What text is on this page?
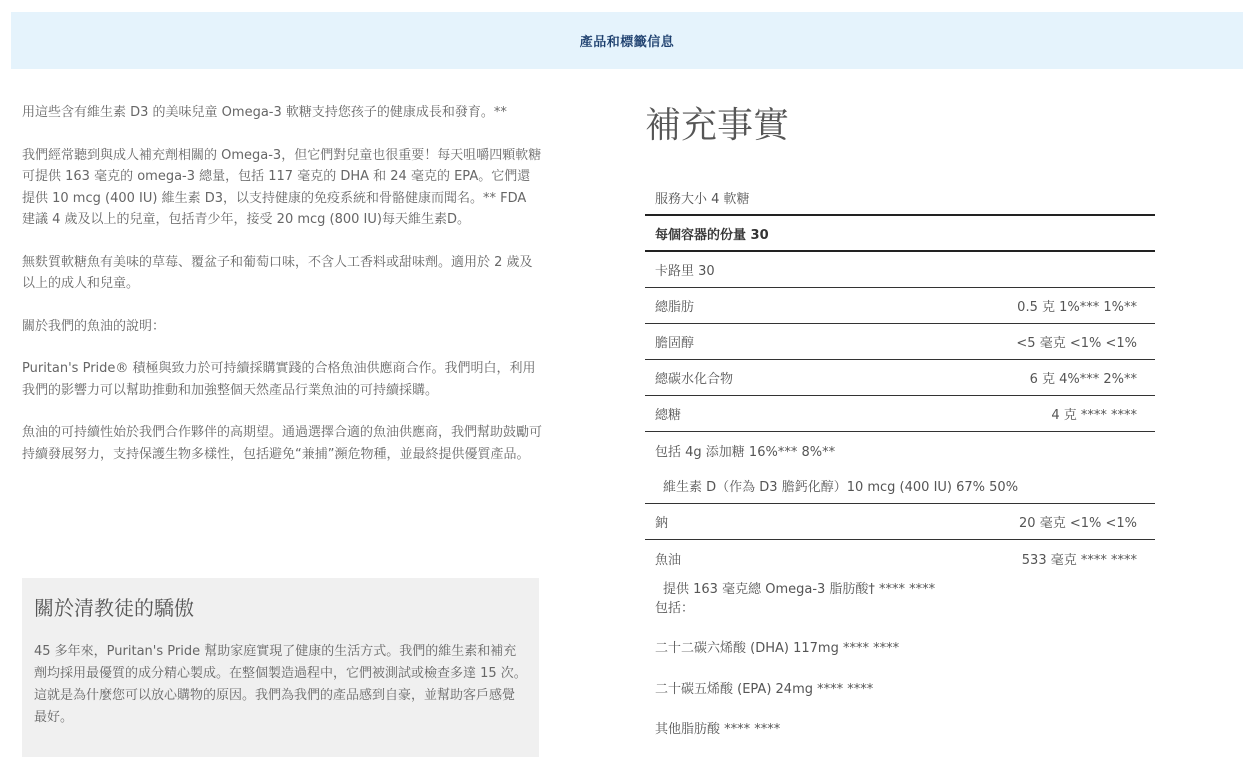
產品和標籤信息

用這些含有維生素 D3 的美味兒童 Omega-3 軟糖支持您孩子的健康成長和發育。**

我們經常聽到與成人補充劑相關的 Omega-3，但它們對兒童也很重要！每天咀嚼四顆軟糖可提供 163 毫克的 omega-3 總量，包括 117 毫克的 DHA 和 24 毫克的 EPA。它們還提供 10 mcg (400 IU) 維生素 D3，以支持健康的免疫系統和骨骼健康而聞名。** FDA 建議 4 歲及以上的兒童，包括青少年，接受 20 mcg (800 IU)每天維生素D。

無麩質軟糖魚有美味的草莓、覆盆子和葡萄口味，不含人工香料或甜味劑。適用於 2 歲及以上的成人和兒童。

關於我們的魚油的說明：

Puritan's Pride® 積極與致力於可持續採購實踐的合格魚油供應商合作。我們明白，利用我們的影響力可以幫助推動和加強整個天然產品行業魚油的可持續採購。

魚油的可持續性始於我們合作夥伴的高期望。通過選擇合適的魚油供應商，我們幫助鼓勵可持續發展努力，支持保護生物多樣性，包括避免“兼捕”瀕危物種，並最終提供優質產品。

關於清教徒的驕傲

45 多年來，Puritan's Pride 幫助家庭實現了健康的生活方式。我們的維生素和補充劑均採用最優質的成分精心製成。在整個製造過程中，它們被測試或檢查多達 15 次。這就是為什麼您可以放心購物的原因。我們為我們的產品感到自豪，並幫助客戶感覺最好。

補充事實
服務大小 4 軟糖
每個容器的份量 30
卡路里 30
總脂肪	0.5 克 1%*** 1%**
膽固醇	<5 毫克 <1% <1%
總碳水化合物	6 克 4%*** 2%**
總糖	4 克 **** ****
包括 4g 添加糖 16%*** 8%**
維生素 D（作為 D3 膽鈣化醇）10 mcg (400 IU) 67% 50%
鈉	20 毫克 <1% <1%
魚油	533 毫克 **** ****
提供 163 毫克總 Omega-3 脂肪酸† **** ****
包括：
二十二碳六烯酸 (DHA) 117mg **** ****
二十碳五烯酸 (EPA) 24mg **** ****
其他脂肪酸 **** ****
